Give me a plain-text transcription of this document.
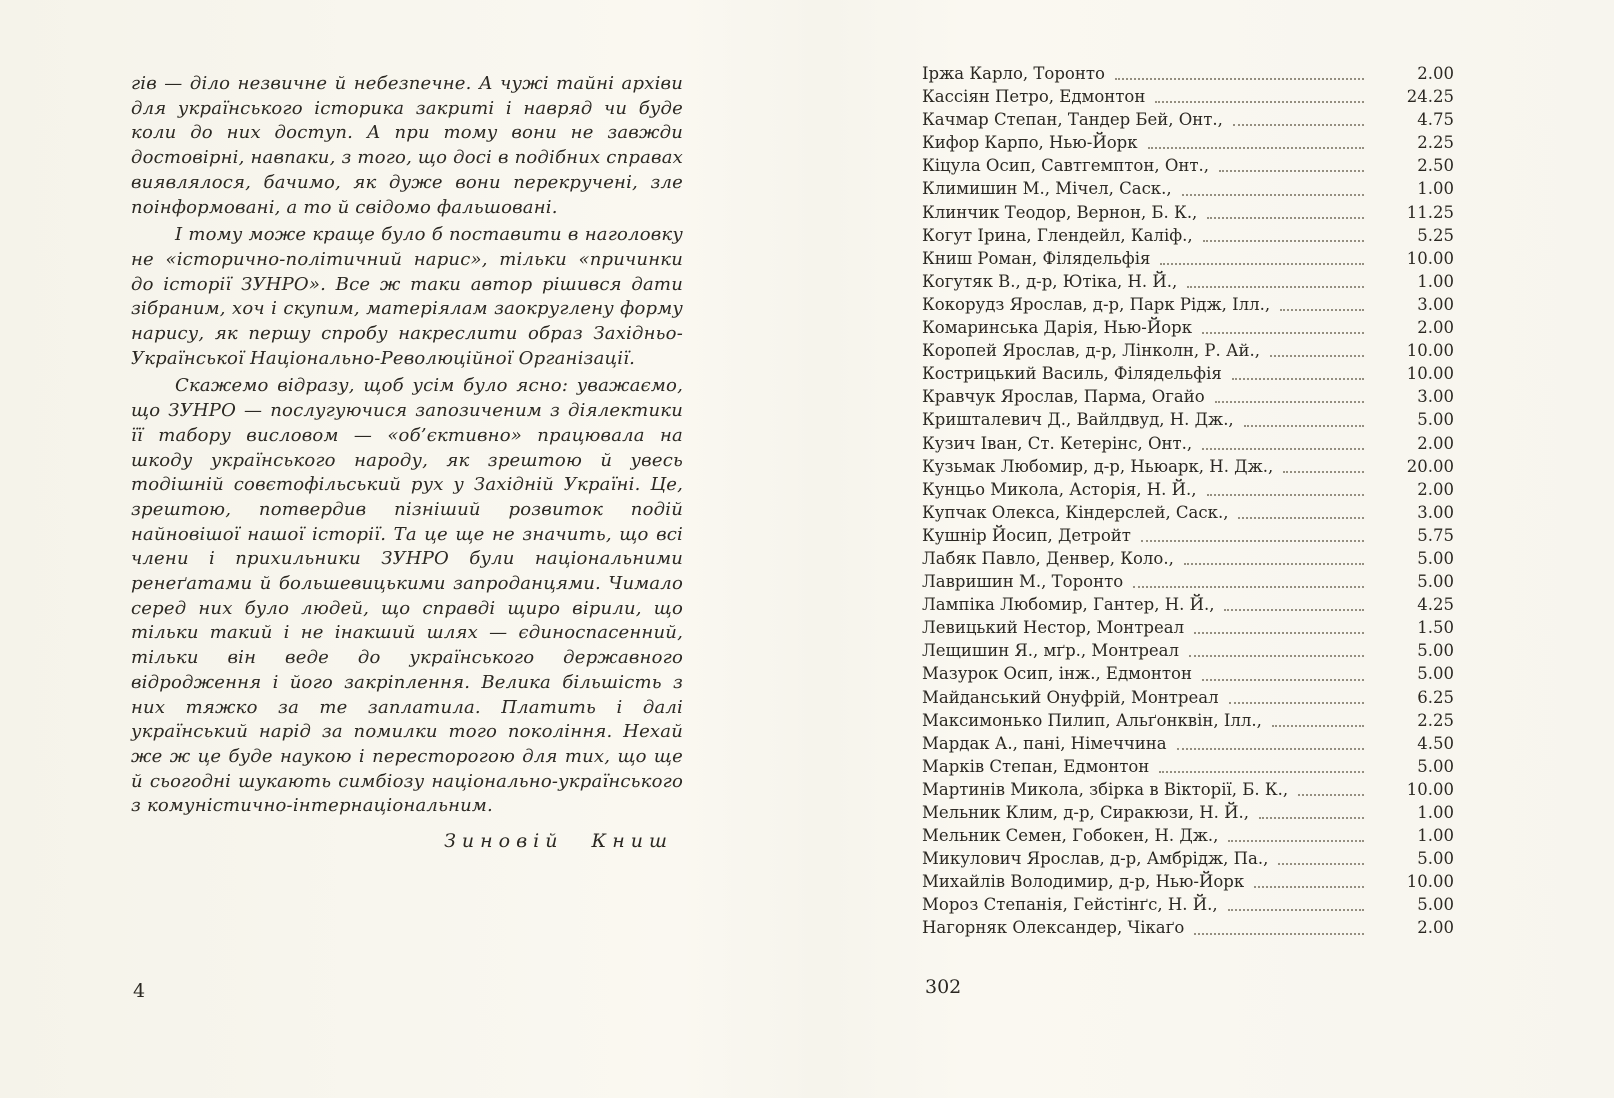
гів — діло незвичне й небезпечне. А чужі тайні архіви для українського історика закриті і навряд чи буде коли до них доступ. А при тому вони не завжди достовірні, навпаки, з того, що досі в подібних справах виявлялося, бачимо, як дуже вони перекручені, зле поінформовані, а то й свідомо фальшовані.

І тому може краще було б поставити в наголовку не «історично-політичний нарис», тільки «причинки до історії ЗУНРО». Все ж таки автор рішився дати зібраним, хоч і скупим, матеріялам заокруглену форму нарису, як першу спробу накреслити образ Західньо-Української Національно-Революційної Організації.

Скажемо відразу, щоб усім було ясно: уважаємо, що ЗУНРО — послугуючися запозиченим з діялектики її табору висловом — «об’єктивно» працювала на шкоду українського народу, як зрештою й увесь тодішній совєтофільський рух у Західній Україні. Це, зрештою, потвердив пізніший розвиток подій найновішої нашої історії. Та це ще не значить, що всі члени і прихильники ЗУНРО були національними ренеґатами й большевицькими запроданцями. Чимало серед них було людей, що справді щиро вірили, що тільки такий і не інакший шлях — єдиноспасенний, тільки він веде до українського державного відродження і його закріплення. Велика більшість з них тяжко за те заплатила. Платить і далі український нарід за помилки того покоління. Нехай же ж це буде наукою і пересторогою для тих, що ще й сьогодні шукають симбіозу національно-українського з комуністично-інтернаціональним.

Зиновій Книш
4
Іржа Карло, Торонто	2.00
Кассіян Петро, Едмонтон	24.25
Качмар Степан, Тандер Бей, Онт.,	4.75
Кифор Карпо, Нью-Йорк	2.25
Кіцула Осип, Савтгемптон, Онт.,	2.50
Климишин М., Мічел, Саск.,	1.00
Клинчик Теодор, Вернон, Б. К.,	11.25
Когут Ірина, Глендейл, Каліф.,	5.25
Книш Роман, Філядельфія	10.00
Когутяк В., д-р, Ютіка, Н. Й.,	1.00
Кокорудз Ярослав, д-р, Парк Рідж, Ілл.,	3.00
Комаринська Дарія, Нью-Йорк	2.00
Коропей Ярослав, д-р, Лінколн, Р. Ай.,	10.00
Кострицький Василь, Філядельфія	10.00
Кравчук Ярослав, Парма, Огайо	3.00
Кришталевич Д., Вайлдвуд, Н. Дж.,	5.00
Кузич Іван, Ст. Кетерінс, Онт.,	2.00
Кузьмак Любомир, д-р, Ньюарк, Н. Дж.,	20.00
Кунцьо Микола, Асторія, Н. Й.,	2.00
Купчак Олекса, Кіндерслей, Саск.,	3.00
Кушнір Йосип, Детройт	5.75
Лабяк Павло, Денвер, Коло.,	5.00
Лавришин М., Торонто	5.00
Лампіка Любомир, Гантер, Н. Й.,	4.25
Левицький Нестор, Монтреал	1.50
Лещишин Я., мґр., Монтреал	5.00
Мазурок Осип, інж., Едмонтон	5.00
Майданський Онуфрій, Монтреал	6.25
Максимонько Пилип, Альґонквін, Ілл.,	2.25
Мардак А., пані, Німеччина	4.50
Марків Степан, Едмонтон	5.00
Мартинів Микола, збірка в Вікторії, Б. К.,	10.00
Мельник Клим, д-р, Сиракюзи, Н. Й.,	1.00
Мельник Семен, Гобокен, Н. Дж.,	1.00
Микулович Ярослав, д-р, Амбрідж, Па.,	5.00
Михайлів Володимир, д-р, Нью-Йорк	10.00
Мороз Степанія, Гейстінґс, Н. Й.,	5.00
Нагорняк Олександер, Чікаґо	2.00
302
